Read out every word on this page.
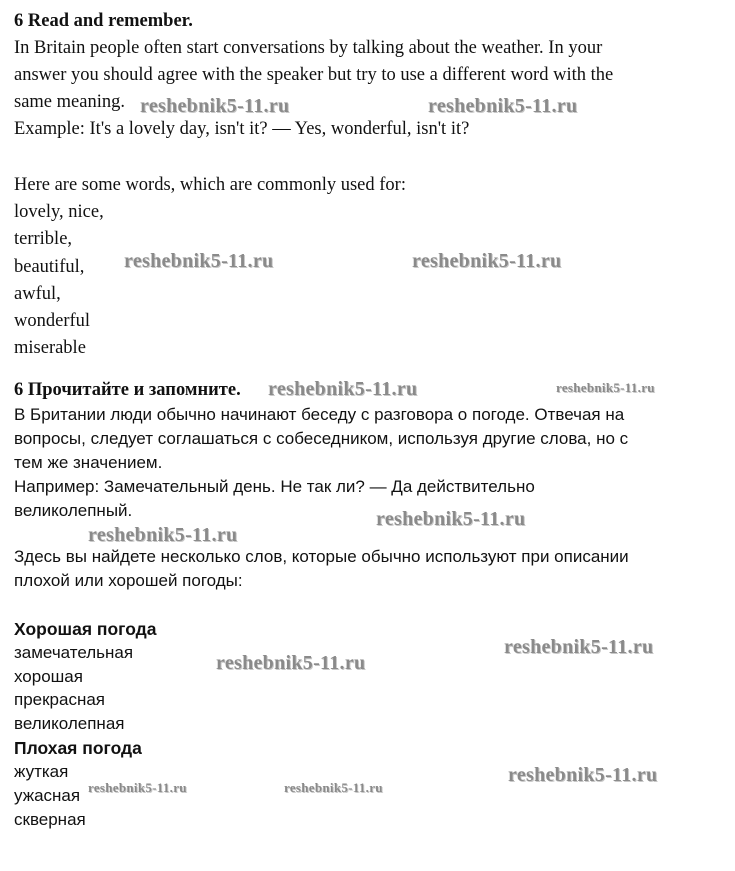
6 Read and remember.
In Britain people often start conversations by talking about the weather. In your
answer you should agree with the speaker but try to use a different word with the
same meaning.
Example: It's a lovely day, isn't it? — Yes, wonderful, isn't it?
Here are some words, which are commonly used for:
lovely, nice,
terrible,
beautiful,
awful,
wonderful
miserable
6 Прочитайте и запомните.
В Британии люди обычно начинают беседу с разговора о погоде. Отвечая на
вопросы, следует соглашаться с собеседником, используя другие слова, но с
тем же значением.
Например: Замечательный день. Не так ли? — Да действительно
великолепный.
Здесь вы найдете несколько слов, которые обычно используют при описании
плохой или хорошей погоды:
Хорошая погода
замечательная
хорошая
прекрасная
великолепная
Плохая погода
жуткая
ужасная
скверная
reshebnik5-11.ru	reshebnik5-11.ru
reshebnik5-11.ru	reshebnik5-11.ru
reshebnik5-11.ru	reshebnik5-11.ru
reshebnik5-11.ru
reshebnik5-11.ru
reshebnik5-11.ru
reshebnik5-11.ru
reshebnik5-11.ru
reshebnik5-11.ru	reshebnik5-11.ru
